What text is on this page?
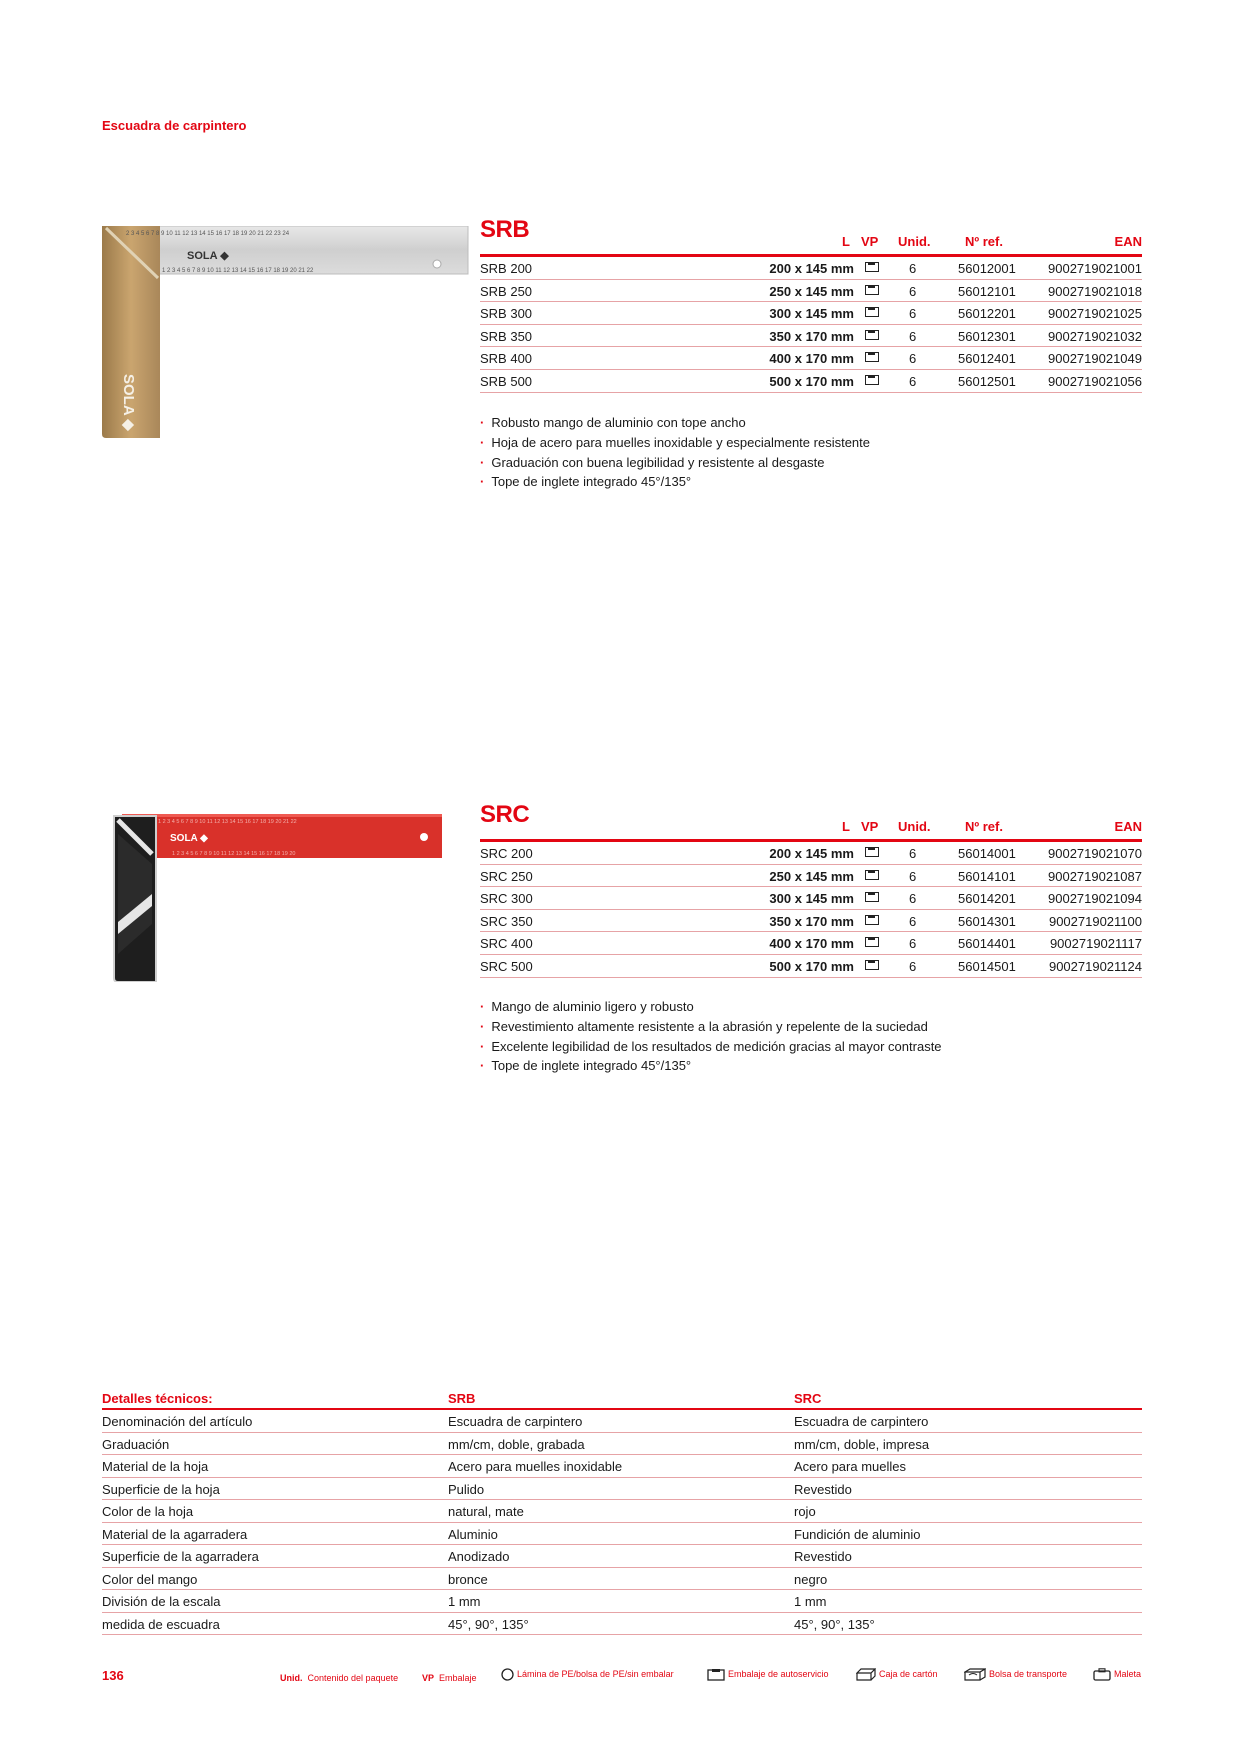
Escuadra de carpintero
2 3 4 5 6 7 8 9 10 11 12 13 14 15 16 17 18 19 20 21 22 23 24
1 2 3 4 5 6 7 8 9 10 11 12 13 14 15 16 17 18 19 20 21 22
SOLA ◆
SOLA ◆
SRB	L VP Unid.	Nº ref.	EAN
SRB 200	200 x 145 mm	6	56012001 9002719021001
SRB 250	250 x 145 mm	6	56012101 9002719021018
SRB 300	300 x 145 mm	6	56012201 9002719021025
SRB 350	350 x 170 mm	6	56012301 9002719021032
SRB 400	400 x 170 mm	6	56012401 9002719021049
SRB 500	500 x 170 mm	6	56012501 9002719021056
· Robusto mango de aluminio con tope ancho
· Hoja de acero para muelles inoxidable y especialmente resistente
· Graduación con buena legibilidad y resistente al desgaste
· Tope de inglete integrado 45°/135°
1 2 3 4 5 6 7 8 9 10 11 12 13 14 15 16 17 18 19 20 21 22
1 2 3 4 5 6 7 8 9 10 11 12 13 14 15 16 17 18 19 20
SOLA ◆
SRC	L VP Unid.	Nº ref.	EAN
SRC 200	200 x 145 mm	6	56014001 9002719021070
SRC 250	250 x 145 mm	6	56014101 9002719021087
SRC 300	300 x 145 mm	6	56014201 9002719021094
SRC 350	350 x 170 mm	6	56014301	9002719021100
SRC 400	400 x 170 mm	6	56014401	9002719021117
SRC 500	500 x 170 mm	6	56014501	9002719021124
· Mango de aluminio ligero y robusto
· Revestimiento altamente resistente a la abrasión y repelente de la suciedad
· Excelente legibilidad de los resultados de medición gracias al mayor contraste
· Tope de inglete integrado 45°/135°
Detalles técnicos:	SRB	SRC
Denominación del artículo	Escuadra de carpintero	Escuadra de carpintero
Graduación	mm/cm, doble, grabada	mm/cm, doble, impresa
Material de la hoja	Acero para muelles inoxidable	Acero para muelles
Superficie de la hoja	Pulido	Revestido
Color de la hoja	natural, mate	rojo
Material de la agarradera	Aluminio	Fundición de aluminio
Superficie de la agarradera	Anodizado	Revestido
Color del mango	bronce	negro
División de la escala	1 mm	1 mm
medida de escuadra	45°, 90°, 135°	45°, 90°, 135°
136	Unid. Contenido del paquete	VP Embalaje	Lámina de PE/bolsa de PE/sin embalar	Embalaje de autoservicio	Caja de cartón	Bolsa de transporte	Maleta
